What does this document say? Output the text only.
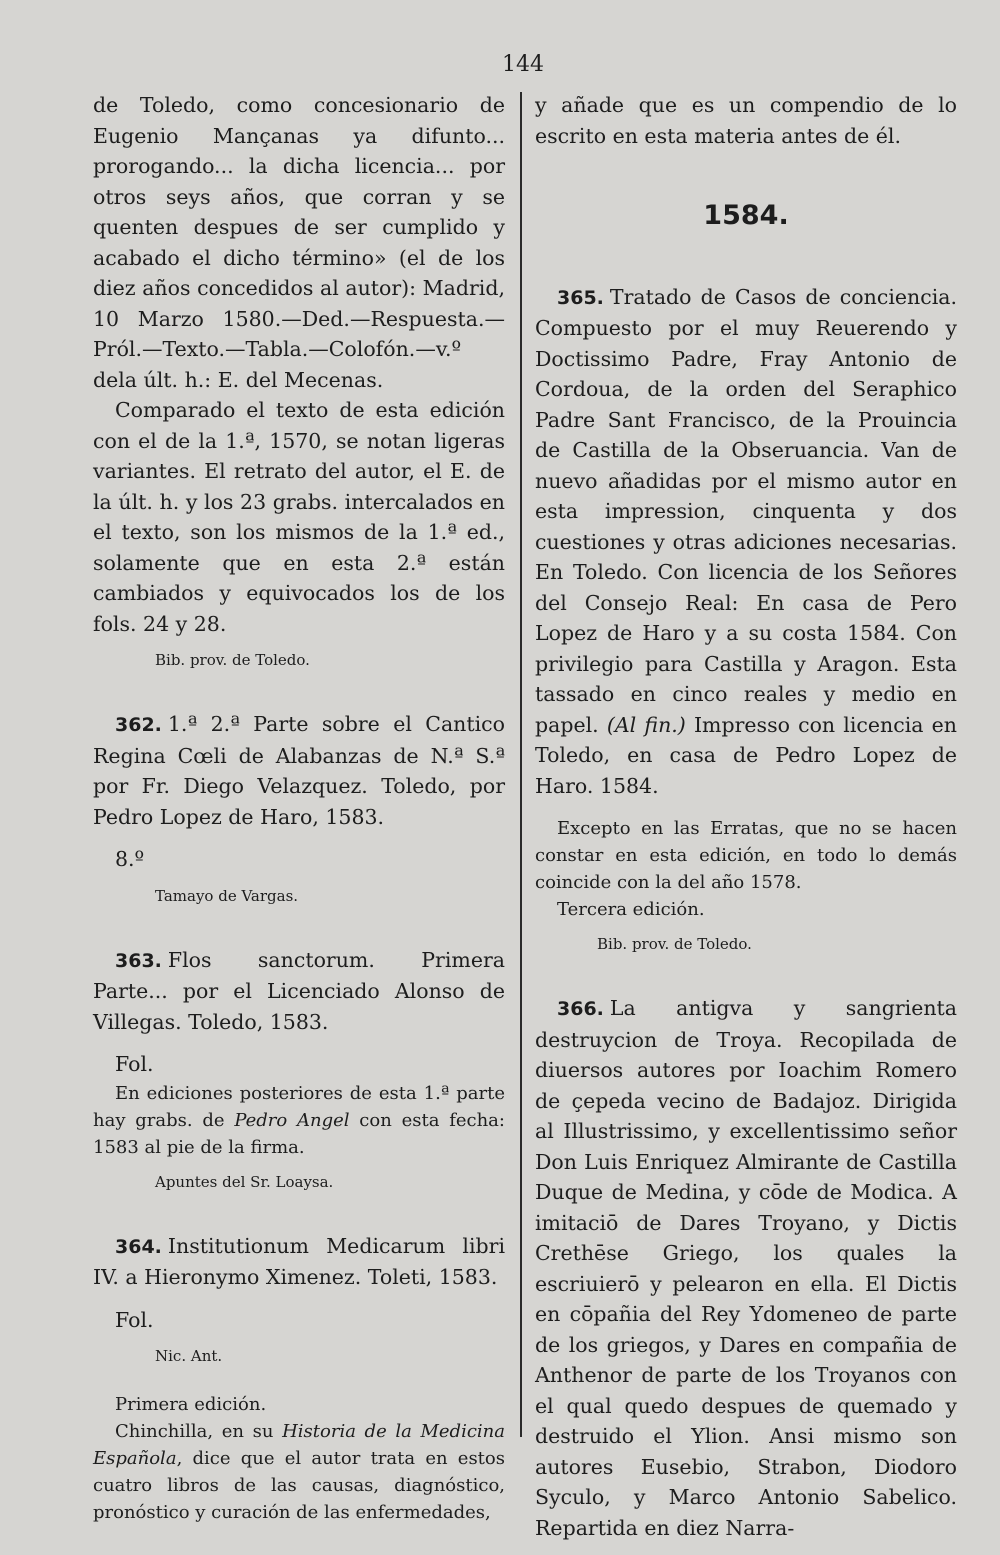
144

de Toledo, como concesionario de Eugenio Mançanas ya difunto... prorogando... la dicha licencia... por otros seys años, que corran y se quenten despues de ser cumplido y acabado el dicho término» (el de los diez años concedidos al autor): Madrid, 10 Marzo 1580.—Ded.—Respuesta.—Pról.—Texto.—Tabla.—Colofón.—v.º dela últ. h.: E. del Mecenas.

Comparado el texto de esta edición con el de la 1.ª, 1570, se notan ligeras variantes. El retrato del autor, el E. de la últ. h. y los 23 grabs. intercalados en el texto, son los mismos de la 1.ª ed., solamente que en esta 2.ª están cambiados y equivocados los de los fols. 24 y 28.

Bib. prov. de Toledo.

362. 1.ª 2.ª Parte sobre el Cantico Regina Cœli de Alabanzas de N.ª S.ª por Fr. Diego Velazquez. Toledo, por Pedro Lopez de Haro, 1583.

8.º

Tamayo de Vargas.

363. Flos sanctorum. Primera Parte... por el Licenciado Alonso de Villegas. Toledo, 1583.

Fol.

En ediciones posteriores de esta 1.ª parte hay grabs. de Pedro Angel con esta fecha: 1583 al pie de la firma.

Apuntes del Sr. Loaysa.

364. Institutionum Medicarum libri IV. a Hieronymo Ximenez. Toleti, 1583.

Fol.

Nic. Ant.

Primera edición.

Chinchilla, en su Historia de la Medicina Española, dice que el autor trata en estos cuatro libros de las causas, diagnóstico, pronóstico y curación de las enfermedades,

y añade que es un compendio de lo escrito en esta materia antes de él.

1584.

365. Tratado de Casos de conciencia. Compuesto por el muy Reuerendo y Doctissimo Padre, Fray Antonio de Cordoua, de la orden del Seraphico Padre Sant Francisco, de la Prouincia de Castilla de la Obseruancia. Van de nuevo añadidas por el mismo autor en esta impression, cinquenta y dos cuestiones y otras adiciones necesarias. En Toledo. Con licencia de los Señores del Consejo Real: En casa de Pero Lopez de Haro y a su costa 1584. Con privilegio para Castilla y Aragon. Esta tassado en cinco reales y medio en papel. (Al fin.) Impresso con licencia en Toledo, en casa de Pedro Lopez de Haro. 1584.

Excepto en las Erratas, que no se hacen constar en esta edición, en todo lo demás coincide con la del año 1578.

Tercera edición.

Bib. prov. de Toledo.

366. La antigva y sangrienta destruycion de Troya. Recopilada de diuersos autores por Ioachim Romero de çepeda vecino de Badajoz. Dirigida al Illustrissimo, y excellentissimo señor Don Luis Enriquez Almirante de Castilla Duque de Medina, y cōde de Modica. A imitaciō de Dares Troyano, y Dictis Crethēse Griego, los quales la escriuierō y pelearon en ella. El Dictis en cōpañia del Rey Ydomeneo de parte de los griegos, y Dares en compañia de Anthenor de parte de los Troyanos con el qual quedo despues de quemado y destruido el Ylion. Ansi mismo son autores Eusebio, Strabon, Diodoro Syculo, y Marco Antonio Sabelico. Repartida en diez Narra-
